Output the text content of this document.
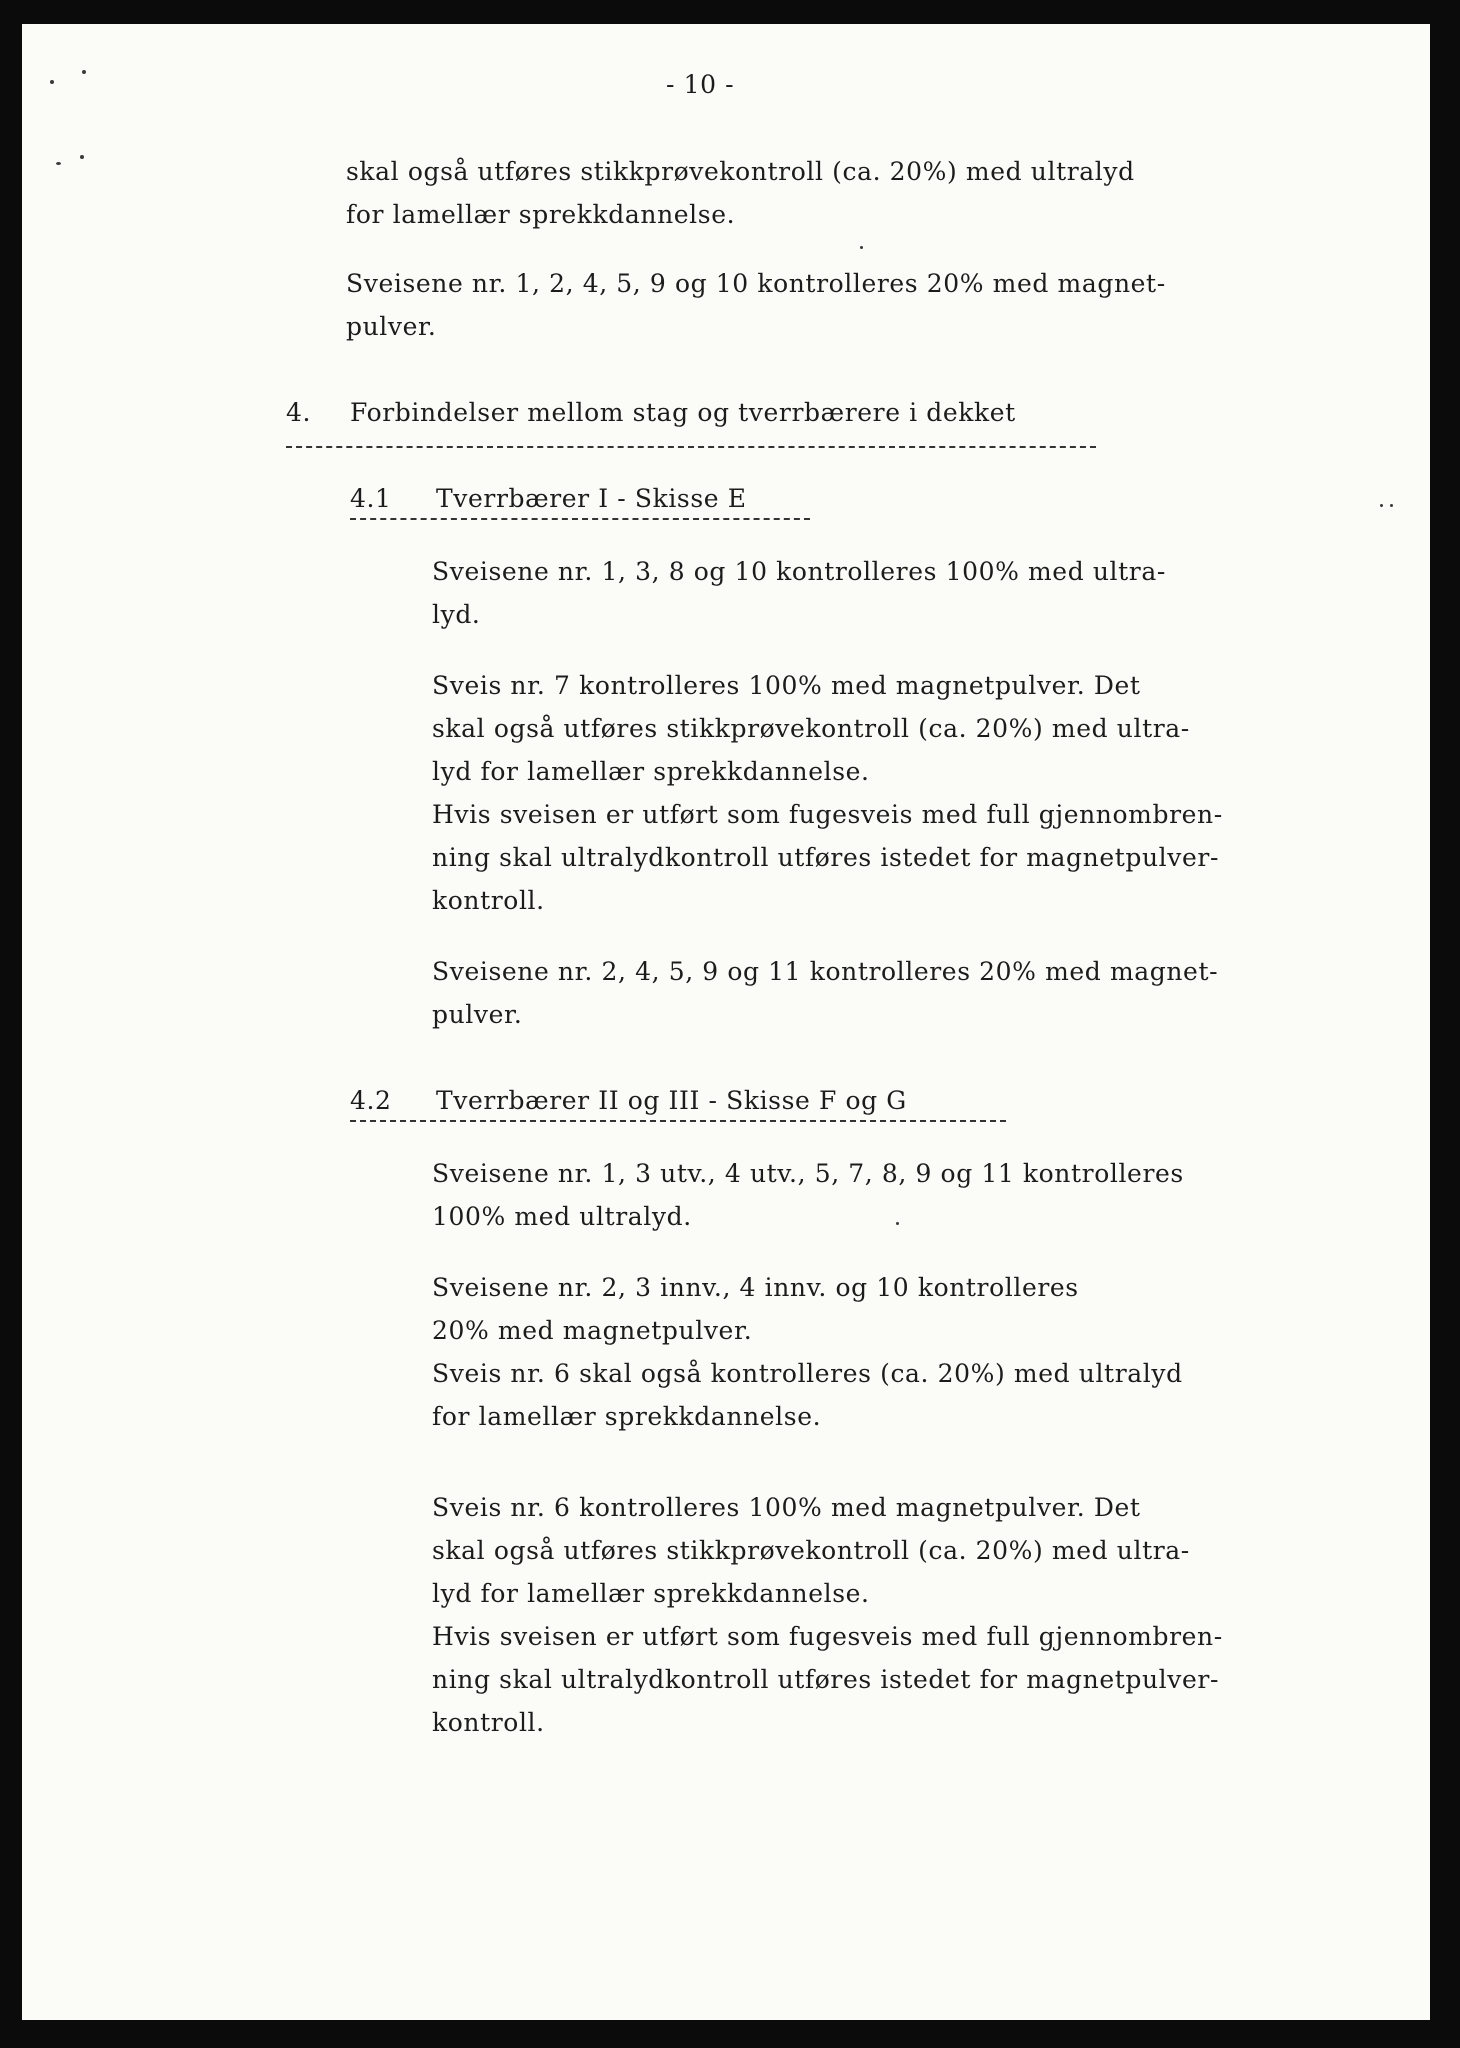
- 10 -

skal også utføres stikkprøvekontroll (ca. 20%) med ultralyd
for lamellær sprekkdannelse.

Sveisene nr. 1, 2, 4, 5, 9 og 10 kontrolleres 20% med magnet-
pulver.

4. Forbindelser mellom stag og tverrbærere i dekket

4.1 Tverrbærer I - Skisse E

Sveisene nr. 1, 3, 8 og 10 kontrolleres 100% med ultra-
lyd.

Sveis nr. 7 kontrolleres 100% med magnetpulver. Det
skal også utføres stikkprøvekontroll (ca. 20%) med ultra-
lyd for lamellær sprekkdannelse.
Hvis sveisen er utført som fugesveis med full gjennombren-
ning skal ultralydkontroll utføres istedet for magnetpulver-
kontroll.

Sveisene nr. 2, 4, 5, 9 og 11 kontrolleres 20% med magnet-
pulver.

4.2 Tverrbærer II og III - Skisse F og G

Sveisene nr. 1, 3 utv., 4 utv., 5, 7, 8, 9 og 11 kontrolleres
100% med ultralyd.

Sveisene nr. 2, 3 innv., 4 innv. og 10 kontrolleres
20% med magnetpulver.
Sveis nr. 6 skal også kontrolleres (ca. 20%) med ultralyd
for lamellær sprekkdannelse.

Sveis nr. 6 kontrolleres 100% med magnetpulver. Det
skal også utføres stikkprøvekontroll (ca. 20%) med ultra-
lyd for lamellær sprekkdannelse.
Hvis sveisen er utført som fugesveis med full gjennombren-
ning skal ultralydkontroll utføres istedet for magnetpulver-
kontroll.
